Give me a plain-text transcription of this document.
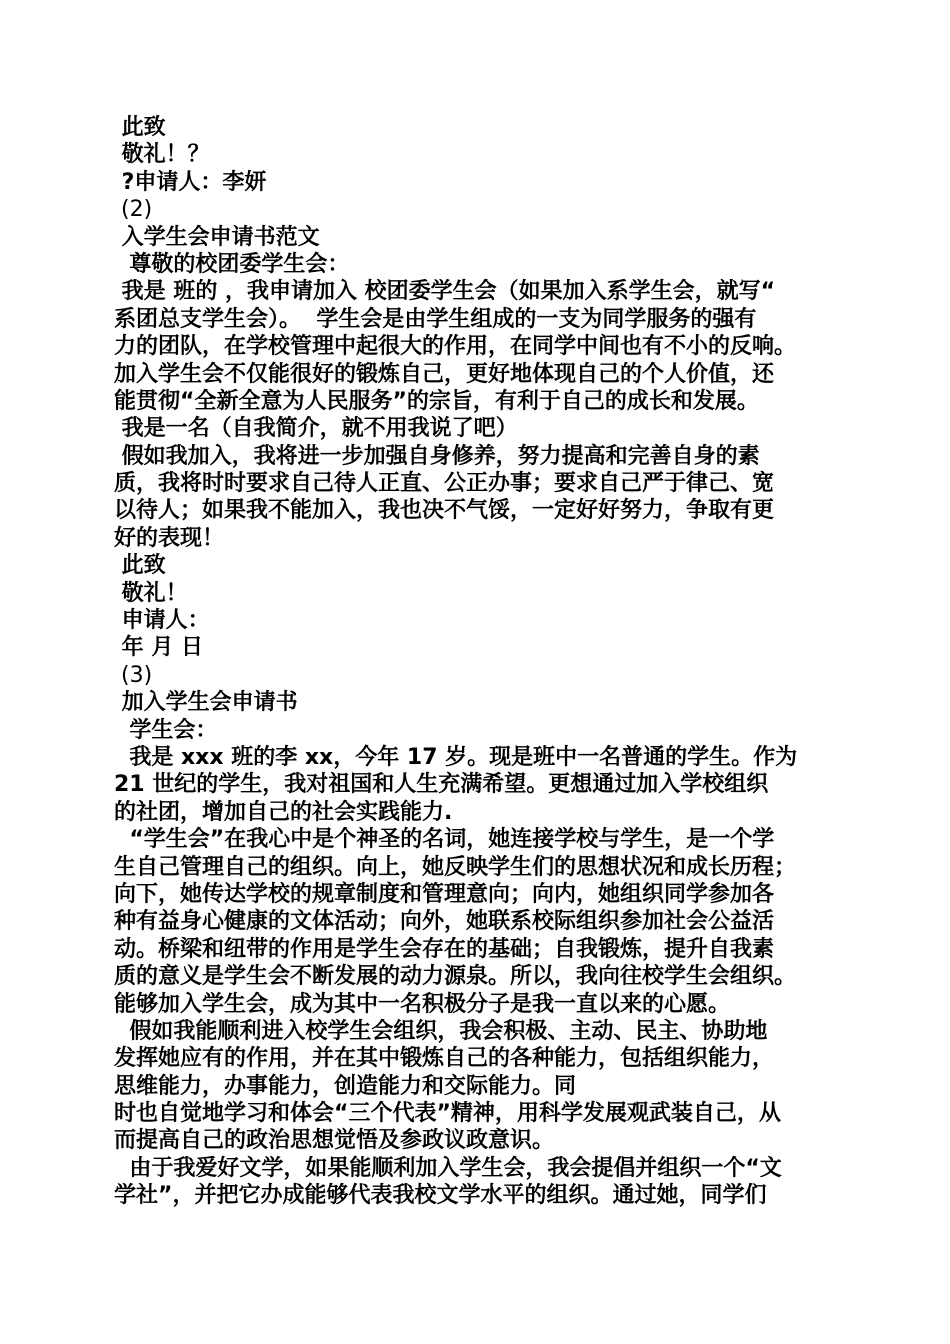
此致

敬礼！？

?申请人：李妍

(2)

入学生会申请书范文

尊敬的校团委学生会：

我是 班的 ，我申请加入 校团委学生会（如果加入系学生会，就写“

系团总支学生会）。  学生会是由学生组成的一支为同学服务的强有

力的团队，在学校管理中起很大的作用，在同学中间也有不小的反响。

加入学生会不仅能很好的锻炼自己，更好地体现自己的个人价值，还

能贯彻“全新全意为人民服务”的宗旨，有利于自己的成长和发展。

我是一名（自我简介，就不用我说了吧）

假如我加入，我将进一步加强自身修养，努力提高和完善自身的素

质，我将时时要求自己待人正直、公正办事；要求自己严于律己、宽

以待人；如果我不能加入，我也决不气馁，一定好好努力，争取有更

好的表现！

此致

敬礼！

申请人：

年 月 日

(3)

加入学生会申请书

学生会：

我是 xxx 班的李 xx，今年 17 岁。现是班中一名普通的学生。作为

21 世纪的学生，我对祖国和人生充满希望。更想通过加入学校组织

的社团，增加自己的社会实践能力.

“学生会”在我心中是个神圣的名词，她连接学校与学生，是一个学

生自己管理自己的组织。向上，她反映学生们的思想状况和成长历程；

向下，她传达学校的规章制度和管理意向；向内，她组织同学参加各

种有益身心健康的文体活动；向外，她联系校际组织参加社会公益活

动。桥梁和纽带的作用是学生会存在的基础；自我锻炼，提升自我素

质的意义是学生会不断发展的动力源泉。所以，我向往校学生会组织。

能够加入学生会，成为其中一名积极分子是我一直以来的心愿。

假如我能顺利进入校学生会组织，我会积极、主动、民主、协助地

发挥她应有的作用，并在其中锻炼自己的各种能力，包括组织能力，

思维能力，办事能力，创造能力和交际能力。同

时也自觉地学习和体会“三个代表”精神，用科学发展观武装自己，从

而提高自己的政治思想觉悟及参政议政意识。

由于我爱好文学，如果能顺利加入学生会，我会提倡并组织一个“文

学社”，并把它办成能够代表我校文学水平的组织。通过她，同学们
